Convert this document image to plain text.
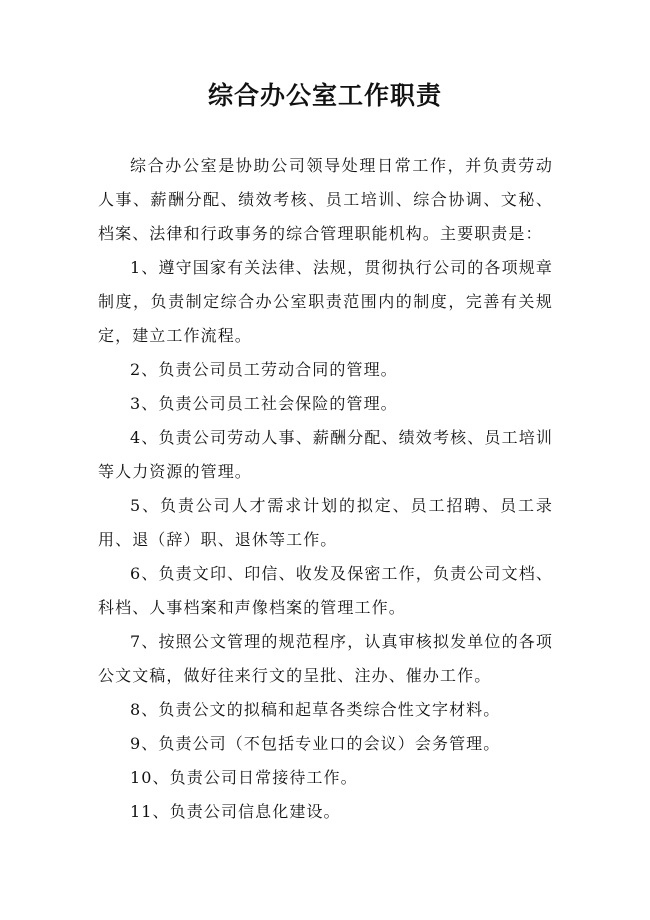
综合办公室工作职责

综合办公室是协助公司领导处理日常工作，并负责劳动人事、薪酬分配、绩效考核、员工培训、综合协调、文秘、档案、法律和行政事务的综合管理职能机构。主要职责是：

1、遵守国家有关法律、法规，贯彻执行公司的各项规章制度，负责制定综合办公室职责范围内的制度，完善有关规定，建立工作流程。

2、负责公司员工劳动合同的管理。

3、负责公司员工社会保险的管理。

4、负责公司劳动人事、薪酬分配、绩效考核、员工培训等人力资源的管理。

5、负责公司人才需求计划的拟定、员工招聘、员工录用、退（辞）职、退休等工作。

6、负责文印、印信、收发及保密工作，负责公司文档、科档、人事档案和声像档案的管理工作。

7、按照公文管理的规范程序，认真审核拟发单位的各项公文文稿，做好往来行文的呈批、注办、催办工作。

8、负责公文的拟稿和起草各类综合性文字材料。

9、负责公司（不包括专业口的会议）会务管理。

10、负责公司日常接待工作。

11、负责公司信息化建设。
